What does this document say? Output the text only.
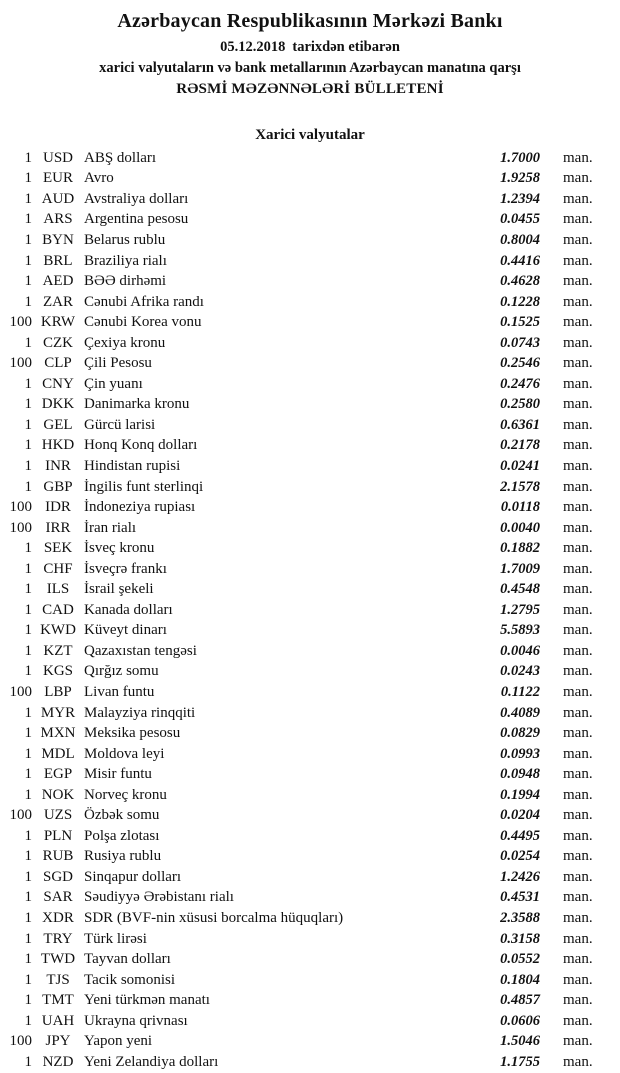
Azərbaycan Respublikasının Mərkəzi Bankı
05.12.2018 tarixdən etibarən
xarici valyutaların və bank metallarının Azərbaycan manatına qarşı
RƏSMİ MƏZƏNNƏLƏRİ BÜLLETENİ
Xarici valyutalar
1 USD ABŞ dolları	1.7000	man.
1 EUR Avro	1.9258	man.
1 AUD Avstraliya dolları	1.2394	man.
1 ARS Argentina pesosu	0.0455	man.
1 BYN Belarus rublu	0.8004	man.
1 BRL Braziliya rialı	0.4416	man.
1 AED BƏƏ dirhəmi	0.4628	man.
1 ZAR Cənubi Afrika randı	0.1228	man.
100 KRW Cənubi Korea vonu	0.1525	man.
1 CZK Çexiya kronu	0.0743	man.
100 CLP Çili Pesosu	0.2546	man.
1 CNY Çin yuanı	0.2476	man.
1 DKK Danimarka kronu	0.2580	man.
1 GEL Gürcü larisi	0.6361	man.
1 HKD Honq Konq dolları	0.2178	man.
1 INR Hindistan rupisi	0.0241	man.
1 GBP İngilis funt sterlinqi	2.1578	man.
100 IDR İndoneziya rupiası	0.0118	man.
100 IRR İran rialı	0.0040	man.
1 SEK İsveç kronu	0.1882	man.
1 CHF İsveçrə frankı	1.7009	man.
1 ILS İsrail şekeli	0.4548	man.
1 CAD Kanada dolları	1.2795	man.
1 KWD Küveyt dinarı	5.5893	man.
1 KZT Qazaxıstan tengəsi	0.0046	man.
1 KGS Qırğız somu	0.0243	man.
100 LBP Livan funtu	0.1122	man.
1 MYR Malayziya rinqqiti	0.4089	man.
1 MXN Meksika pesosu	0.0829	man.
1 MDL Moldova leyi	0.0993	man.
1 EGP Misir funtu	0.0948	man.
1 NOK Norveç kronu	0.1994	man.
100 UZS Özbək somu	0.0204	man.
1 PLN Polşa zlotası	0.4495	man.
1 RUB Rusiya rublu	0.0254	man.
1 SGD Sinqapur dolları	1.2426	man.
1 SAR Səudiyyə Ərəbistanı rialı	0.4531	man.
1 XDR SDR (BVF-nin xüsusi borcalma hüquqları)	2.3588	man.
1 TRY Türk lirəsi	0.3158	man.
1 TWD Tayvan dolları	0.0552	man.
1 TJS Tacik somonisi	0.1804	man.
1 TMT Yeni türkmən manatı	0.4857	man.
1 UAH Ukrayna qrivnası	0.0606	man.
100 JPY Yapon yeni	1.5046	man.
1 NZD Yeni Zelandiya dolları	1.1755	man.
